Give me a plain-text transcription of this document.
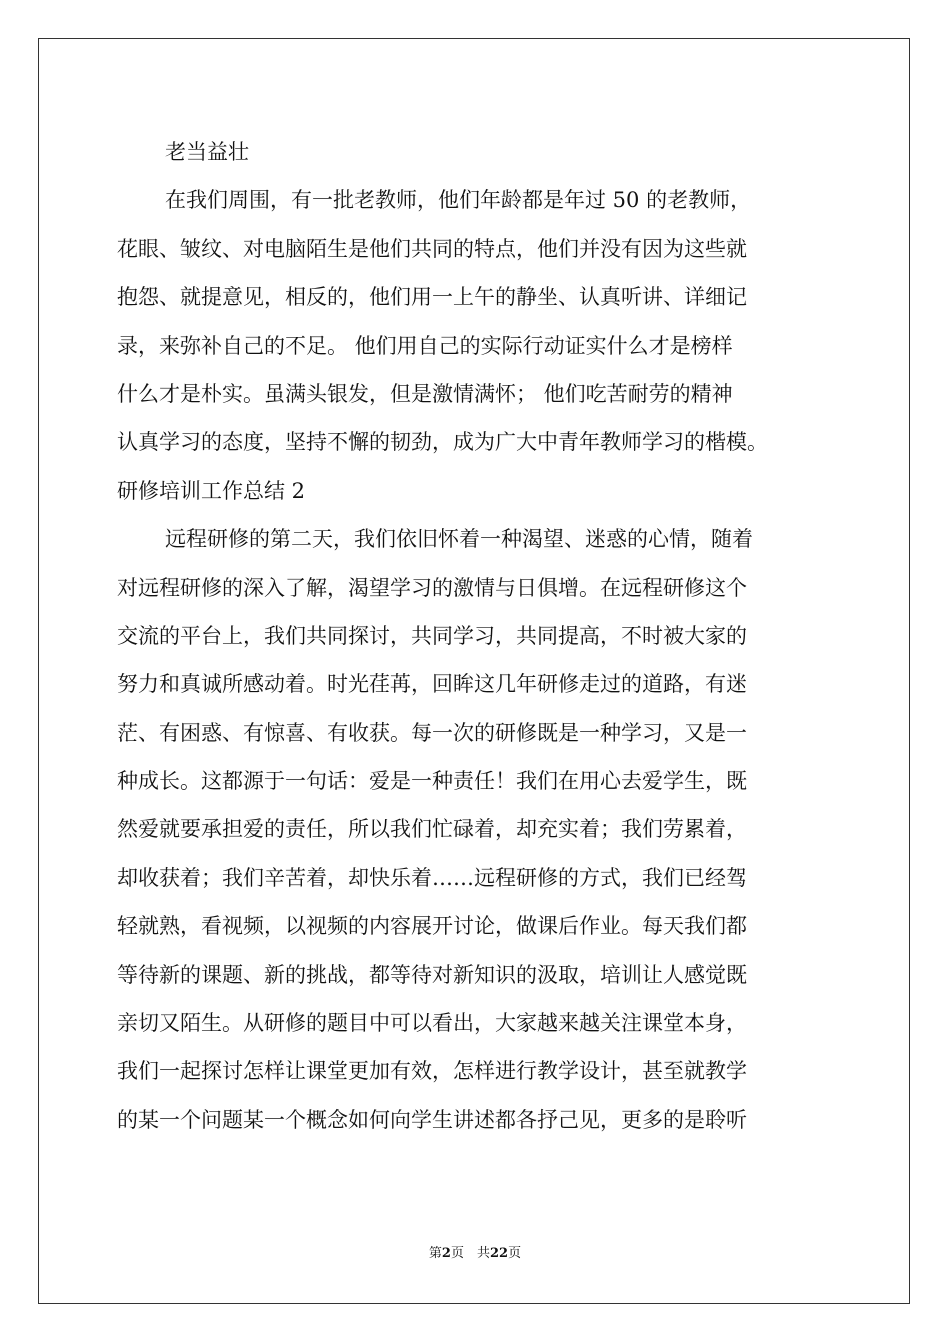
老当益壮
在我们周围，有一批老教师，他们年龄都是年过 50 的老教师，
花眼、皱纹、对电脑陌生是他们共同的特点，他们并没有因为这些就
抱怨、就提意见，相反的，他们用一上午的静坐、认真听讲、详细记
录，来弥补自己的不足。 他们用自己的实际行动证实什么才是榜样
什么才是朴实。虽满头银发，但是激情满怀； 他们吃苦耐劳的精神
认真学习的态度，坚持不懈的韧劲，成为广大中青年教师学习的楷模。
研修培训工作总结 2
远程研修的第二天，我们依旧怀着一种渴望、迷惑的心情，随着
对远程研修的深入了解，渴望学习的激情与日俱增。在远程研修这个
交流的平台上，我们共同探讨，共同学习，共同提高，不时被大家的
努力和真诚所感动着。时光荏苒，回眸这几年研修走过的道路，有迷
茫、有困惑、有惊喜、有收获。每一次的研修既是一种学习，又是一
种成长。这都源于一句话：爱是一种责任！我们在用心去爱学生，既
然爱就要承担爱的责任，所以我们忙碌着，却充实着；我们劳累着，
却收获着；我们辛苦着，却快乐着……远程研修的方式，我们已经驾
轻就熟，看视频，以视频的内容展开讨论，做课后作业。每天我们都
等待新的课题、新的挑战，都等待对新知识的汲取，培训让人感觉既
亲切又陌生。从研修的题目中可以看出，大家越来越关注课堂本身，
我们一起探讨怎样让课堂更加有效，怎样进行教学设计，甚至就教学
的某一个问题某一个概念如何向学生讲述都各抒己见，更多的是聆听
第2页　共22页
